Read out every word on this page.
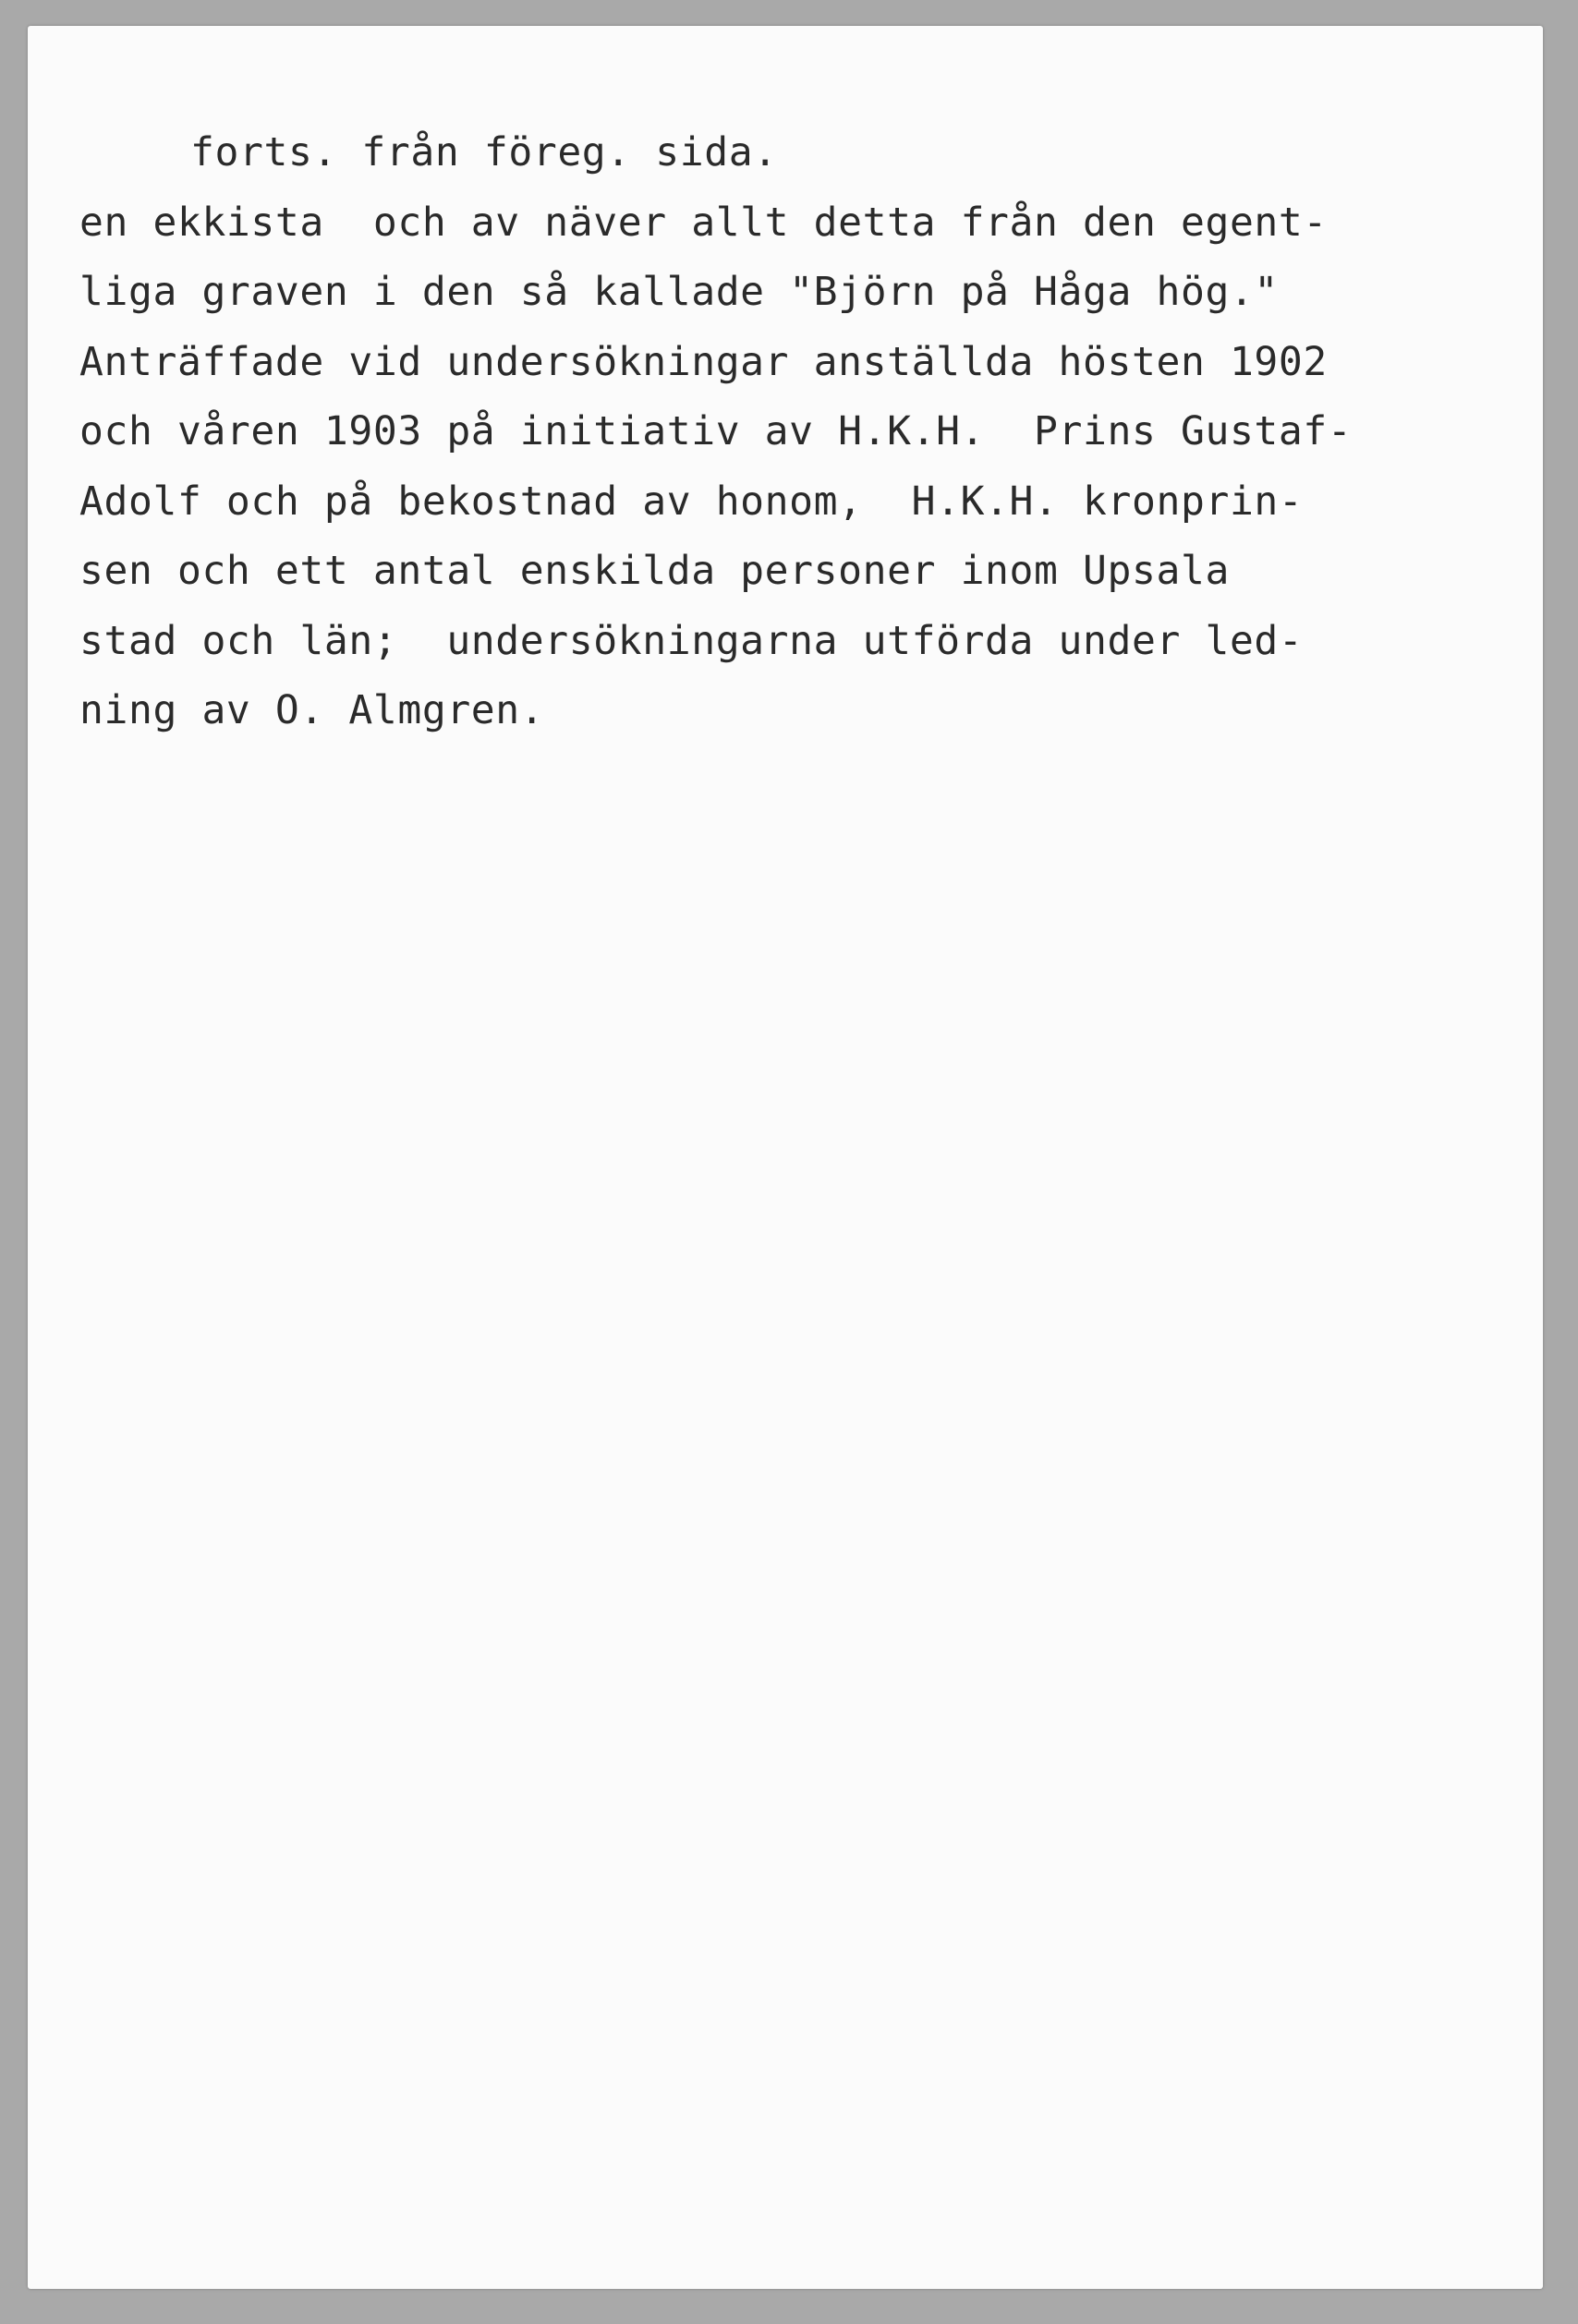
forts. från föreg. sida.
en ekkista  och av näver allt detta från den egent-
liga graven i den så kallade "Björn på Håga hög."
Anträffade vid undersökningar anställda hösten 1902
och våren 1903 på initiativ av H.K.H.  Prins Gustaf-
Adolf och på bekostnad av honom,  H.K.H. kronprin-
sen och ett antal enskilda personer inom Upsala
stad och län;  undersökningarna utförda under led-
ning av O. Almgren.
